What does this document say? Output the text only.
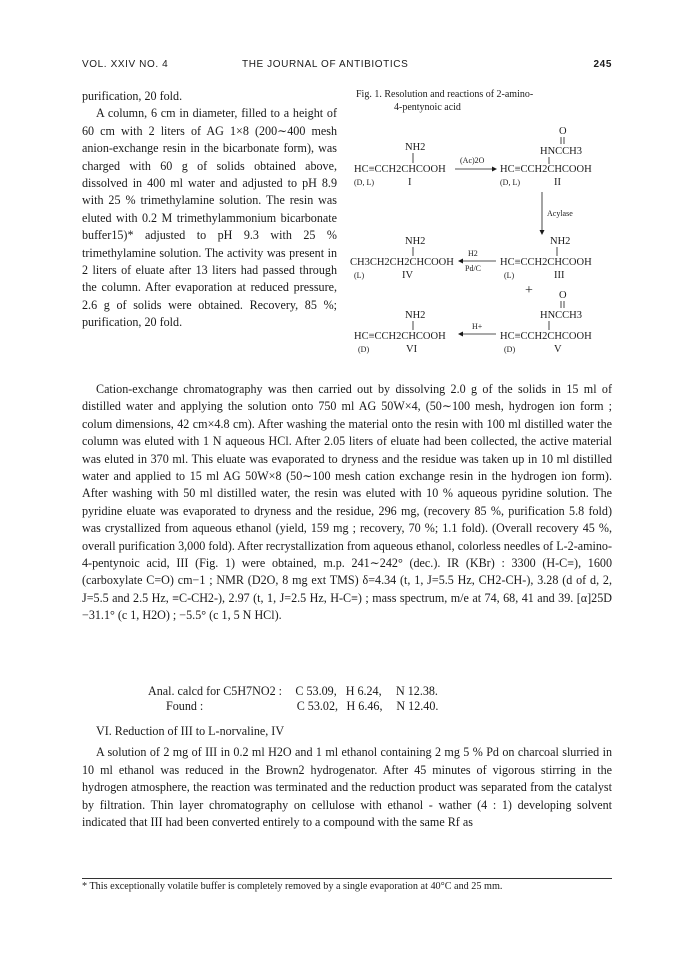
VOL. XXIV NO. 4	THE JOURNAL OF ANTIBIOTICS	245

purification, 20 fold.

A column, 6 cm in diameter, filled to a height of 60 cm with 2 liters of AG 1×8 (200∼400 mesh anion-exchange resin in the bicarbonate form), was charged with 60 g of solids obtained above, dissolved in 400 ml water and adjusted to pH 8.9 with 25 % trimethylamine solution. The resin was eluted with 0.2 M trimethylammonium bicarbonate buffer15)* adjusted to pH 9.3 with 25 % trimethylamine solution. The activity was present in 2 liters of eluate after 13 liters had passed through the column. After evaporation at reduced pressure, 2.6 g of solids were obtained. Recovery, 85 %; purification, 20 fold.

Fig. 1. Resolution and reactions of 2-amino-
4-pentynoic acid
NH2
HC≡CCH2CHCOOH
(D, L)	I
(Ac)2O
O
HNCCH3
HC≡CCH2CHCOOH
(D, L)	II
Acylase
NH2
CH3CH2CH2CHCOOH
(L)	IV
H2
Pd/C
NH2
HC≡CCH2CHCOOH
(L)	III
+
NH2
HC≡CCH2CHCOOH
(D)	VI
H+
O
HNCCH3
HC≡CCH2CHCOOH
(D)	V

Cation-exchange chromatography was then carried out by dissolving 2.0 g of the solids in 15 ml of distilled water and applying the solution onto 750 ml AG 50W×4, (50∼100 mesh, hydrogen ion form ; colum dimensions, 42 cm×4.8 cm). After washing the material onto the resin with 100 ml distilled water the column was eluted with 1 N aqueous HCl. After 2.05 liters of eluate had been collected, the active material was eluted in 370 ml. This eluate was evaporated to dryness and the residue was taken up in 10 ml distilled water and applied to 15 ml AG 50W×8 (50∼100 mesh cation exchange resin in the hydrogen ion form). After washing with 50 ml distilled water, the resin was eluted with 10 % aqueous pyridine solution. The pyridine eluate was evaporated to dryness and the residue, 296 mg, (recovery 85 %, purification 5.8 fold) was crystallized from aqueous ethanol (yield, 159 mg ; recovery, 70 %; 1.1 fold). (Overall recovery 45 %, overall purification 3,000 fold). After recrystallization from aqueous ethanol, colorless needles of L-2-amino-4-pentynoic acid, III (Fig. 1) were obtained, m.p. 241∼242° (dec.). IR (KBr) : 3300 (H-C≡), 1600 (carboxylate C=O) cm−1 ; NMR (D2O, 8 mg ext TMS) δ=4.34 (t, 1, J=5.5 Hz, CH2-CH-), 3.28 (d of d, 2, J=5.5 and 2.5 Hz, ≡C-CH2-), 2.97 (t, 1, J=2.5 Hz, H-C≡) ; mass spectrum, m/e at 74, 68, 41 and 39. [α]25D −31.1° (c 1, H2O) ; −5.5° (c 1, 5 N HCl).

Anal. calcd for C5H7NO2 :	C 53.09, H 6.24,	N 12.38.
Found :	C 53.02, H 6.46,	N 12.40.
VI. Reduction of III to L-norvaline, IV

A solution of 2 mg of III in 0.2 ml H2O and 1 ml ethanol containing 2 mg 5 % Pd on charcoal slurried in 10 ml ethanol was reduced in the Brown2 hydrogenator. After 45 minutes of vigorous stirring in the hydrogen atmosphere, the reaction was terminated and the reduction product was separated from the catalyst by filtration. Thin layer chromatography on cellulose with ethanol - wather (4 : 1) developing solvent indicated that III had been converted entirely to a compound with the same Rf as

* This exceptionally volatile buffer is completely removed by a single evaporation at 40°C and 25 mm.
